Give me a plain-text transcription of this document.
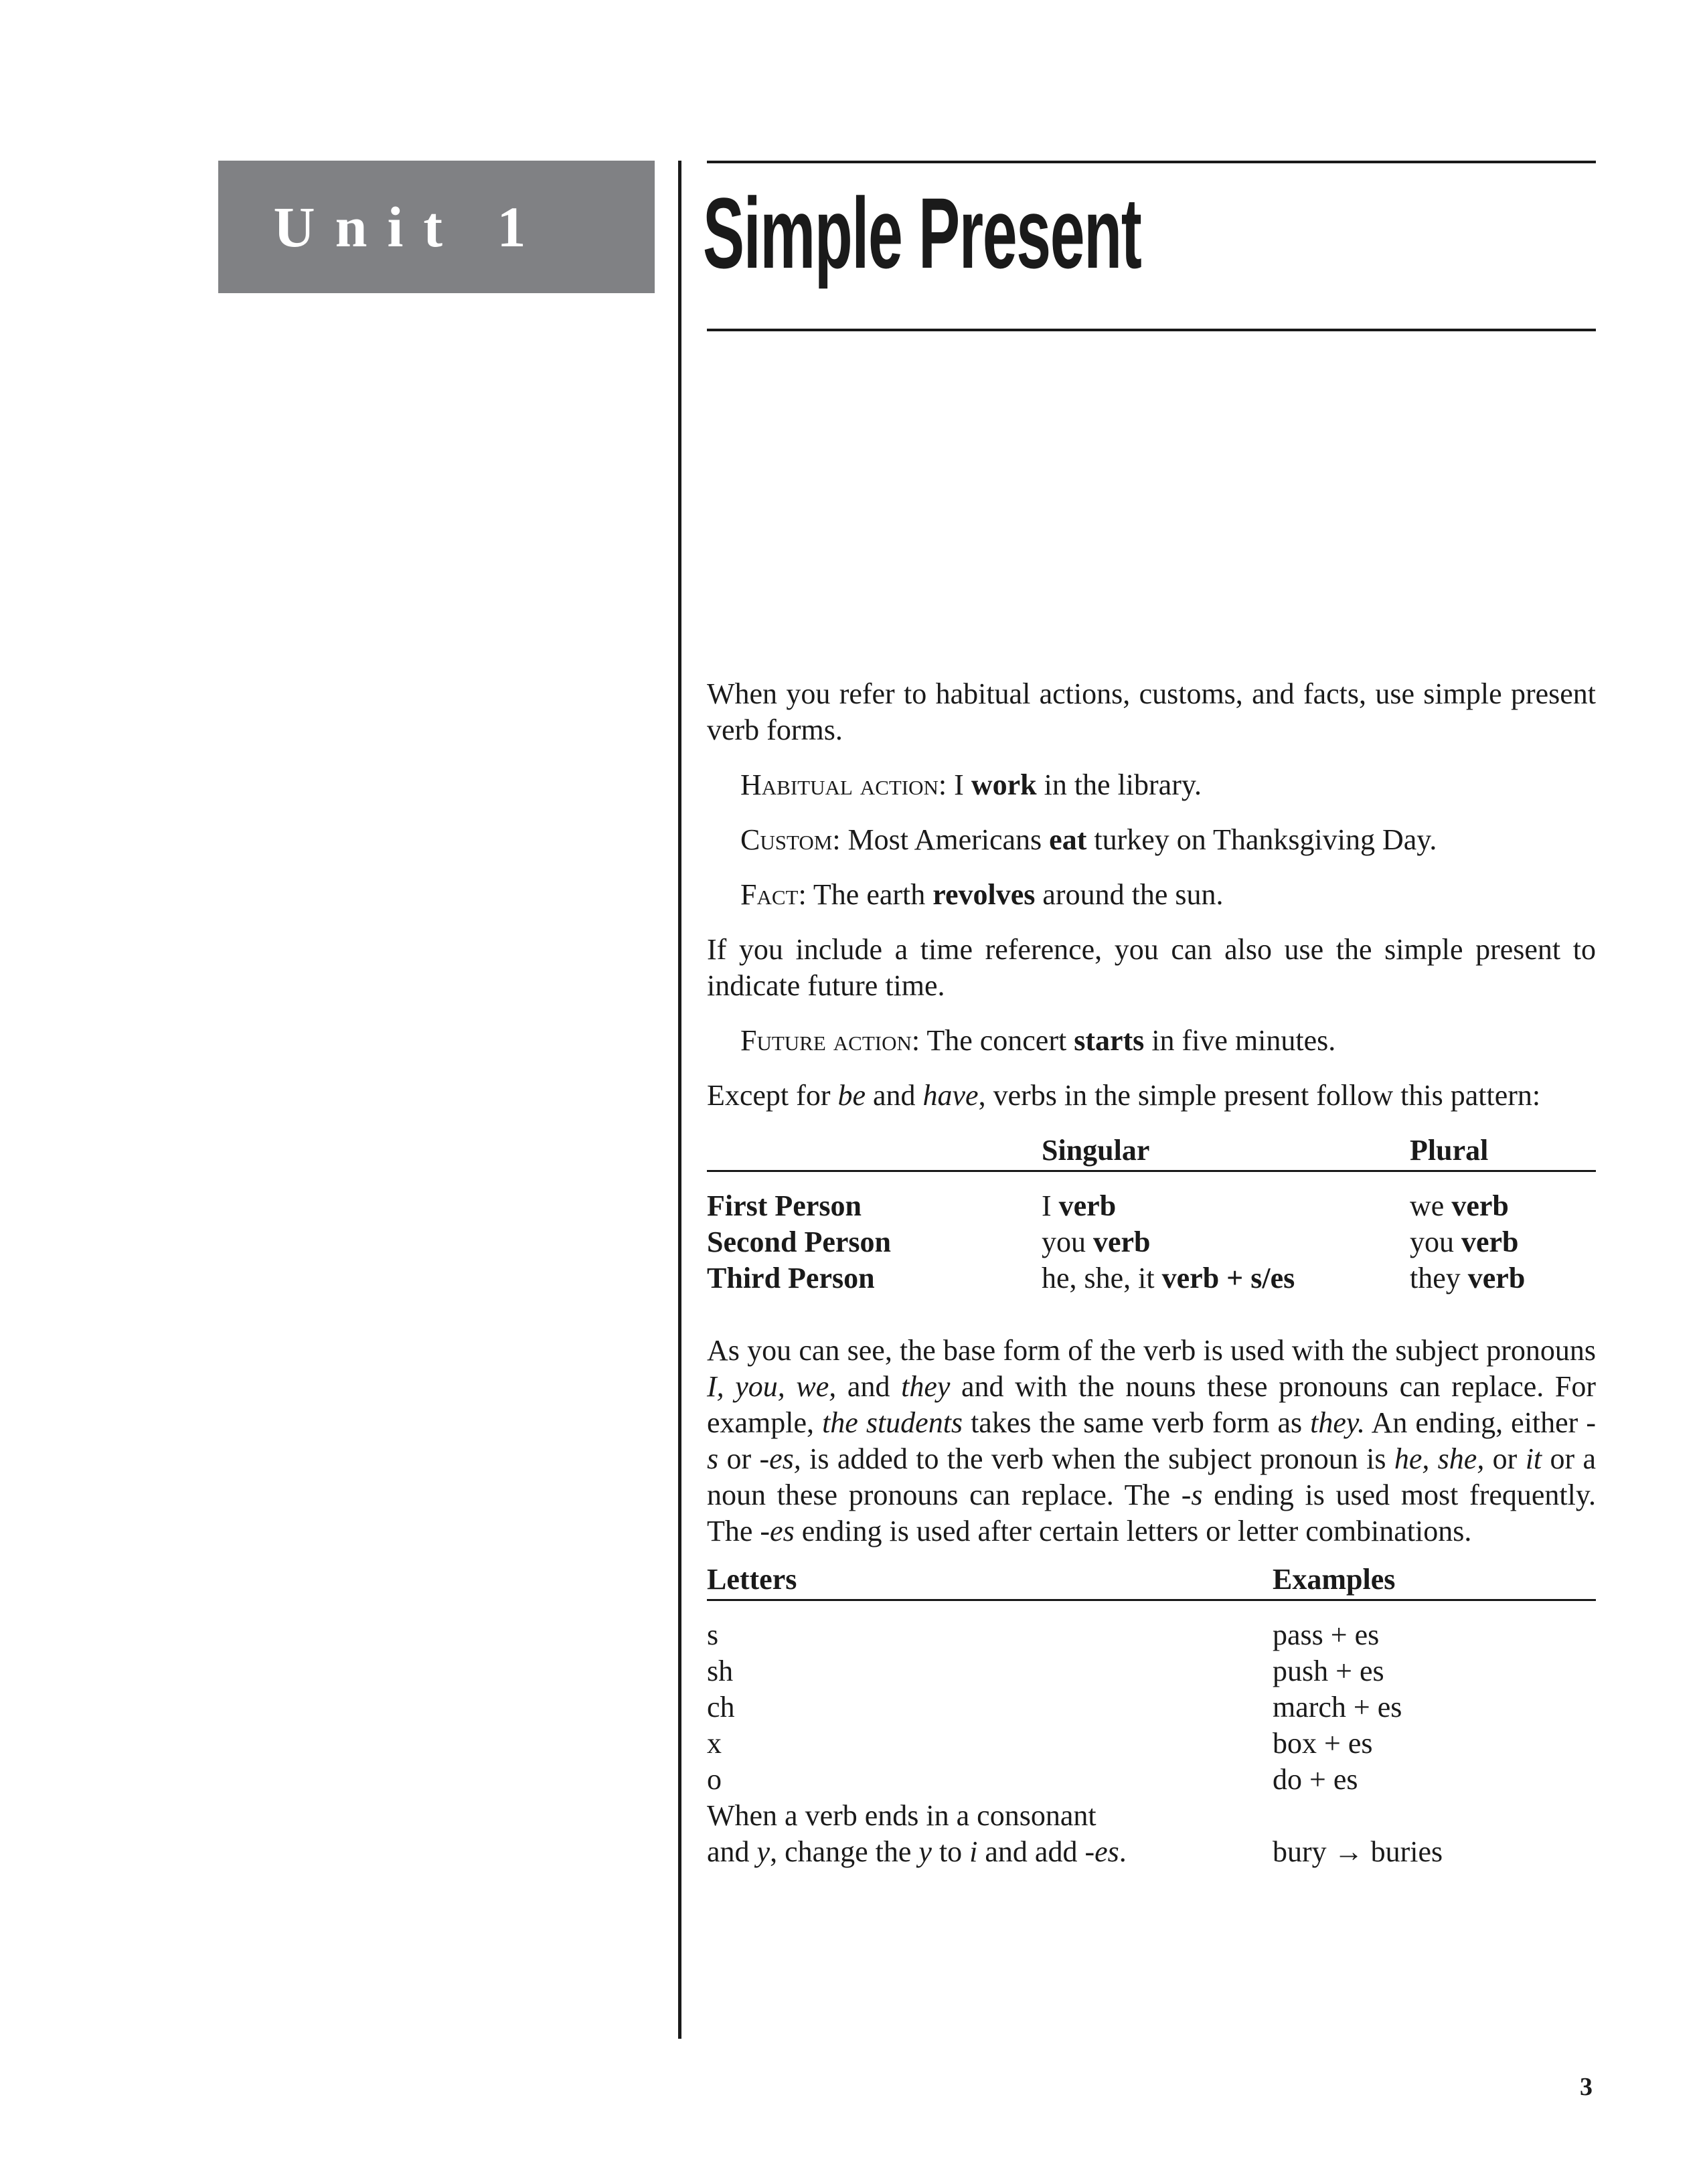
Unit 1 Simple Present

When you refer to habitual actions, customs, and facts, use simple present verb forms.

Habitual action: I work in the library.

Custom: Most Americans eat turkey on Thanksgiving Day.

Fact: The earth revolves around the sun.

If you include a time reference, you can also use the simple present to indicate future time.

Future action: The concert starts in five minutes.

Except for be and have, verbs in the simple present follow this pattern:

	Singular	Plural
First Person	I verb	we verb
Second Person	you verb	you verb
Third Person	he, she, it verb + s/es	they verb

As you can see, the base form of the verb is used with the subject pronouns I, you, we, and they and with the nouns these pronouns can replace. For example, the students takes the same verb form as they. An ending, either -s or -es, is added to the verb when the subject pronoun is he, she, or it or a noun these pronouns can replace. The -s ending is used most frequently. The -es ending is used after certain letters or letter combinations.

Letters	Examples
s	pass + es
sh	push + es
ch	march + es
x	box + es
o	do + es
When a verb ends in a consonant
and y, change the y to i and add -es.	bury → buries
3
